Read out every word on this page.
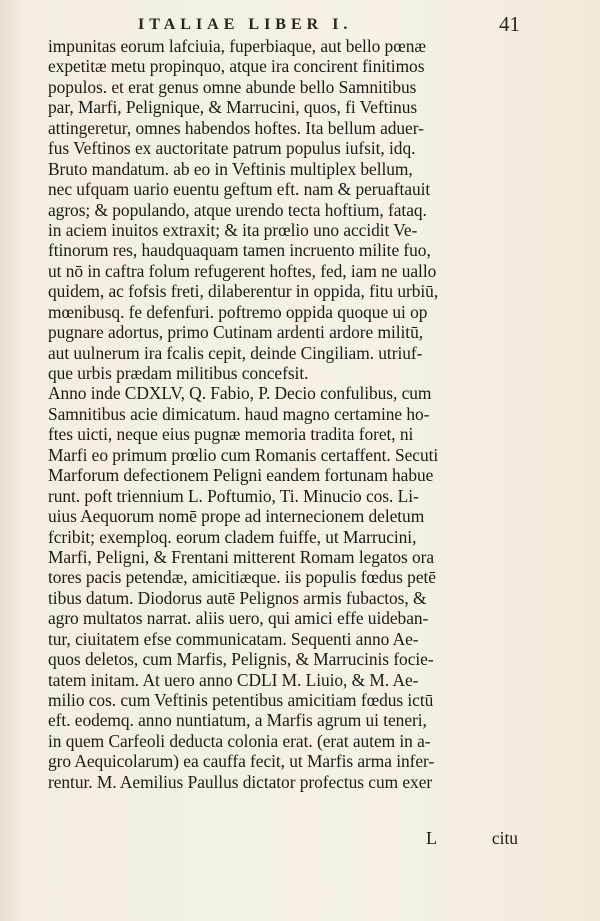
ITALIAE LIBER I.	41
impunitas eorum lafciuia, fuperbiaque, aut bello pœnæ
expetitæ metu propinquo, atque ira concirent finitimos
populos. et erat genus omne abunde bello Samnitibus
par, Marfi, Pelignique, & Marrucini, quos, fi Veftinus
attingeretur, omnes habendos hoftes. Ita bellum aduer-
fus Veftinos ex auctoritate patrum populus iufsit, idq.
Bruto mandatum. ab eo in Veftinis multiplex bellum,
nec ufquam uario euentu geftum eft. nam & peruaftauit
agros; & populando, atque urendo tecta hoftium, fataq.
in aciem inuitos extraxit; & ita prœlio uno accidit Ve-
ftinorum res, haudquaquam tamen incruento milite fuo,
ut nō in caftra folum refugerent hoftes, fed, iam ne uallo
quidem, ac fofsis freti, dilaberentur in oppida, fitu urbiū,
mœnibusq. fe defenfuri. poftremo oppida quoque ui op
pugnare adortus, primo Cutinam ardenti ardore militū,
aut uulnerum ira fcalis cepit, deinde Cingiliam. utriuf-
que urbis prædam militibus concefsit.
Anno inde CDXLV, Q. Fabio, P. Decio confulibus, cum
Samnitibus acie dimicatum. haud magno certamine ho-
ftes uicti, neque eius pugnæ memoria tradita foret, ni
Marfi eo primum prœlio cum Romanis certaffent. Secuti
Marforum defectionem Peligni eandem fortunam habue
runt. poft triennium L. Poftumio, Ti. Minucio cos. Li-
uius Aequorum nomē prope ad internecionem deletum
fcribit; exemploq. eorum cladem fuiffe, ut Marrucini,
Marfi, Peligni, & Frentani mitterent Romam legatos ora
tores pacis petendæ, amicitiæque. iis populis fœdus petē
tibus datum. Diodorus autē Pelignos armis fubactos, &
agro multatos narrat. aliis uero, qui amici effe uideban-
tur, ciuitatem efse communicatam. Sequenti anno Ae-
quos deletos, cum Marfis, Pelignis, & Marrucinis focie-
tatem initam. At uero anno CDLI M. Liuio, & M. Ae-
milio cos. cum Veftinis petentibus amicitiam fœdus ictū
eft. eodemq. anno nuntiatum, a Marfis agrum ui teneri,
in quem Carfeoli deducta colonia erat. (erat autem in a-
gro Aequicolarum) ea cauffa fecit, ut Marfis arma infer-
rentur. M. Aemilius Paullus dictator profectus cum exer
L	citu
